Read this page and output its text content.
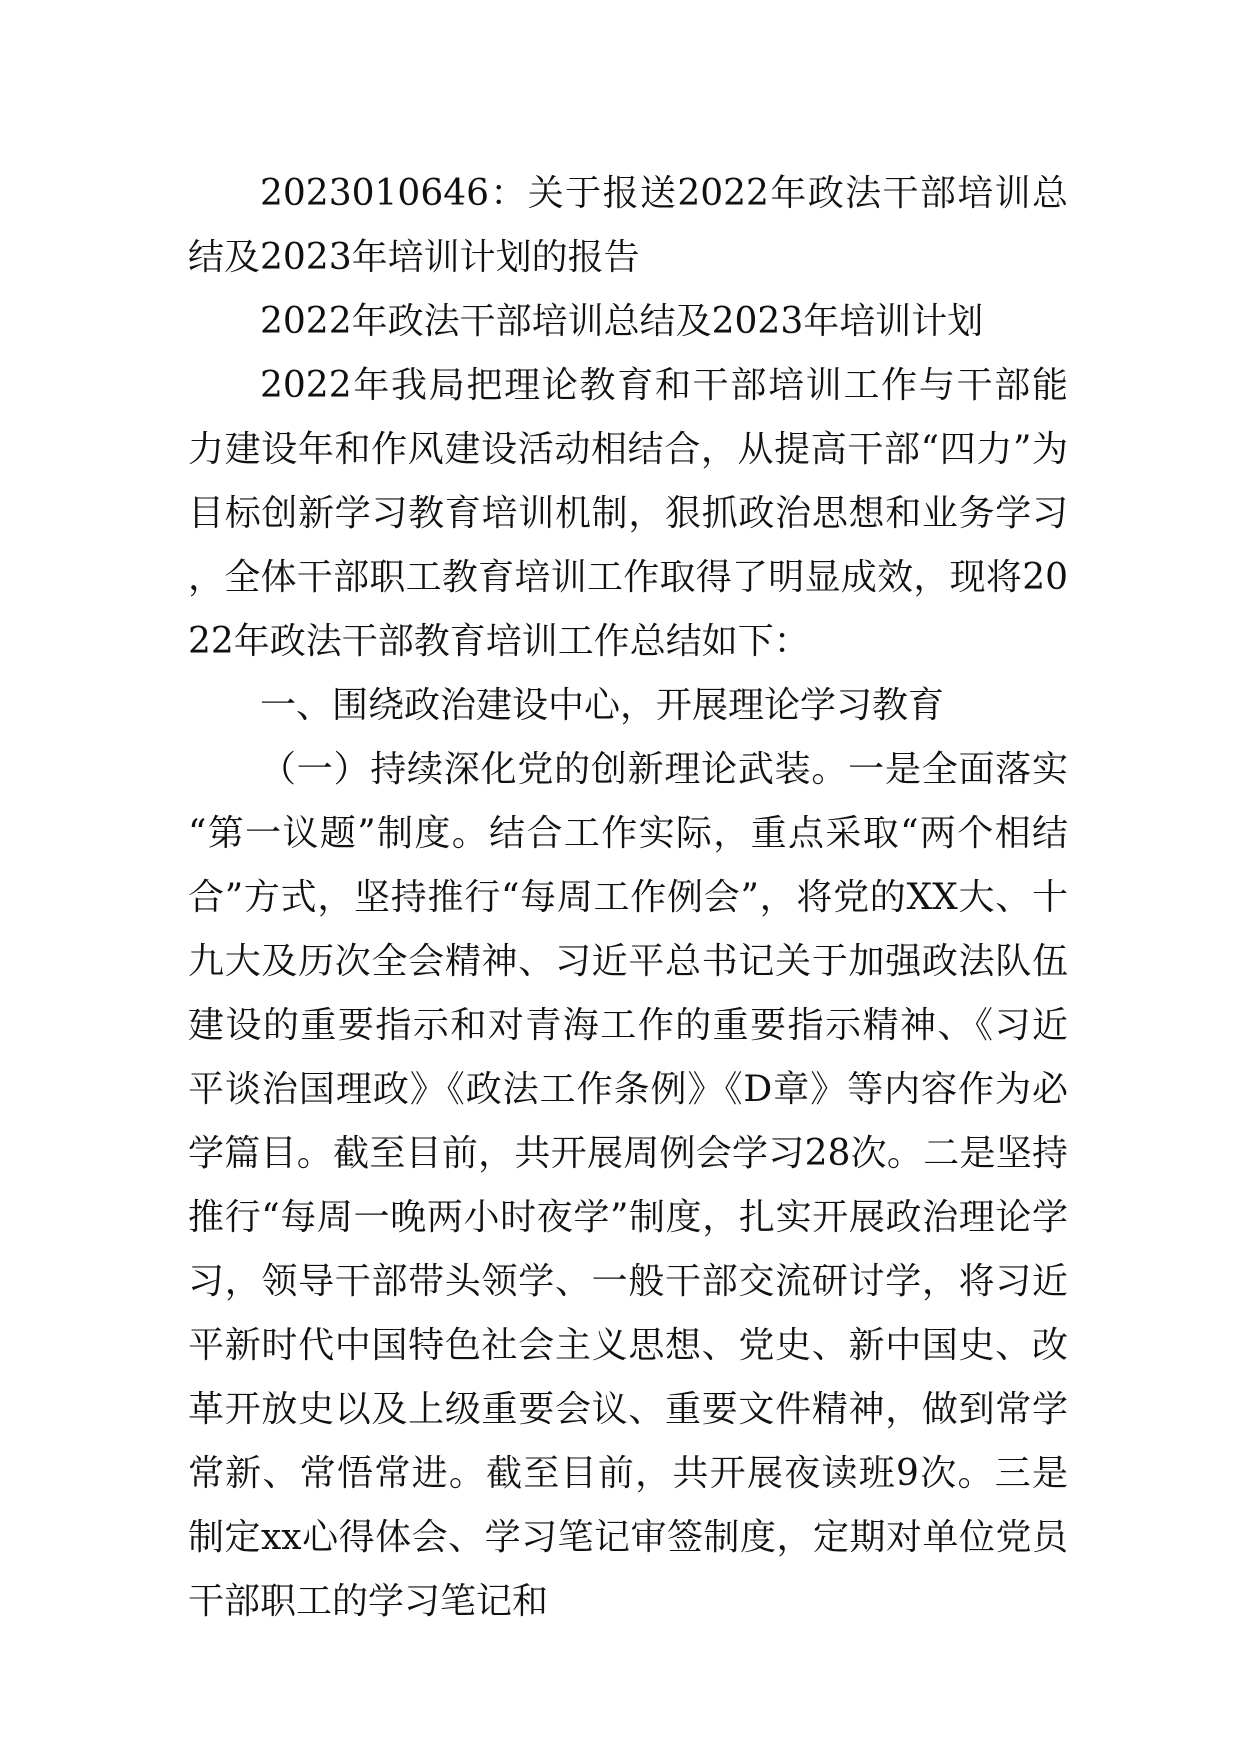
2023010646：关于报送2022年政法干部培训总结及2023年培训计划的报告

2022年政法干部培训总结及2023年培训计划

2022年我局把理论教育和干部培训工作与干部能力建设年和作风建设活动相结合，从提高干部“四力”为目标创新学习教育培训机制，狠抓政治思想和业务学习，全体干部职工教育培训工作取得了明显成效，现将2022年政法干部教育培训工作总结如下：

一、围绕政治建设中心，开展理论学习教育

（一）持续深化党的创新理论武装。一是全面落实“第一议题”制度。结合工作实际，重点采取“两个相结合”方式，坚持推行“每周工作例会”，将党的XX大、十九大及历次全会精神、习近平总书记关于加强政法队伍建设的重要指示和对青海工作的重要指示精神、《习近平谈治国理政》《政法工作条例》《D章》等内容作为必学篇目。截至目前，共开展周例会学习28次。二是坚持推行“每周一晚两小时夜学”制度，扎实开展政治理论学习，领导干部带头领学、一般干部交流研讨学，将习近平新时代中国特色社会主义思想、党史、新中国史、改革开放史以及上级重要会议、重要文件精神，做到常学常新、常悟常进。截至目前，共开展夜读班9次。三是制定xx心得体会、学习笔记审签制度，定期对单位党员干部职工的学习笔记和
